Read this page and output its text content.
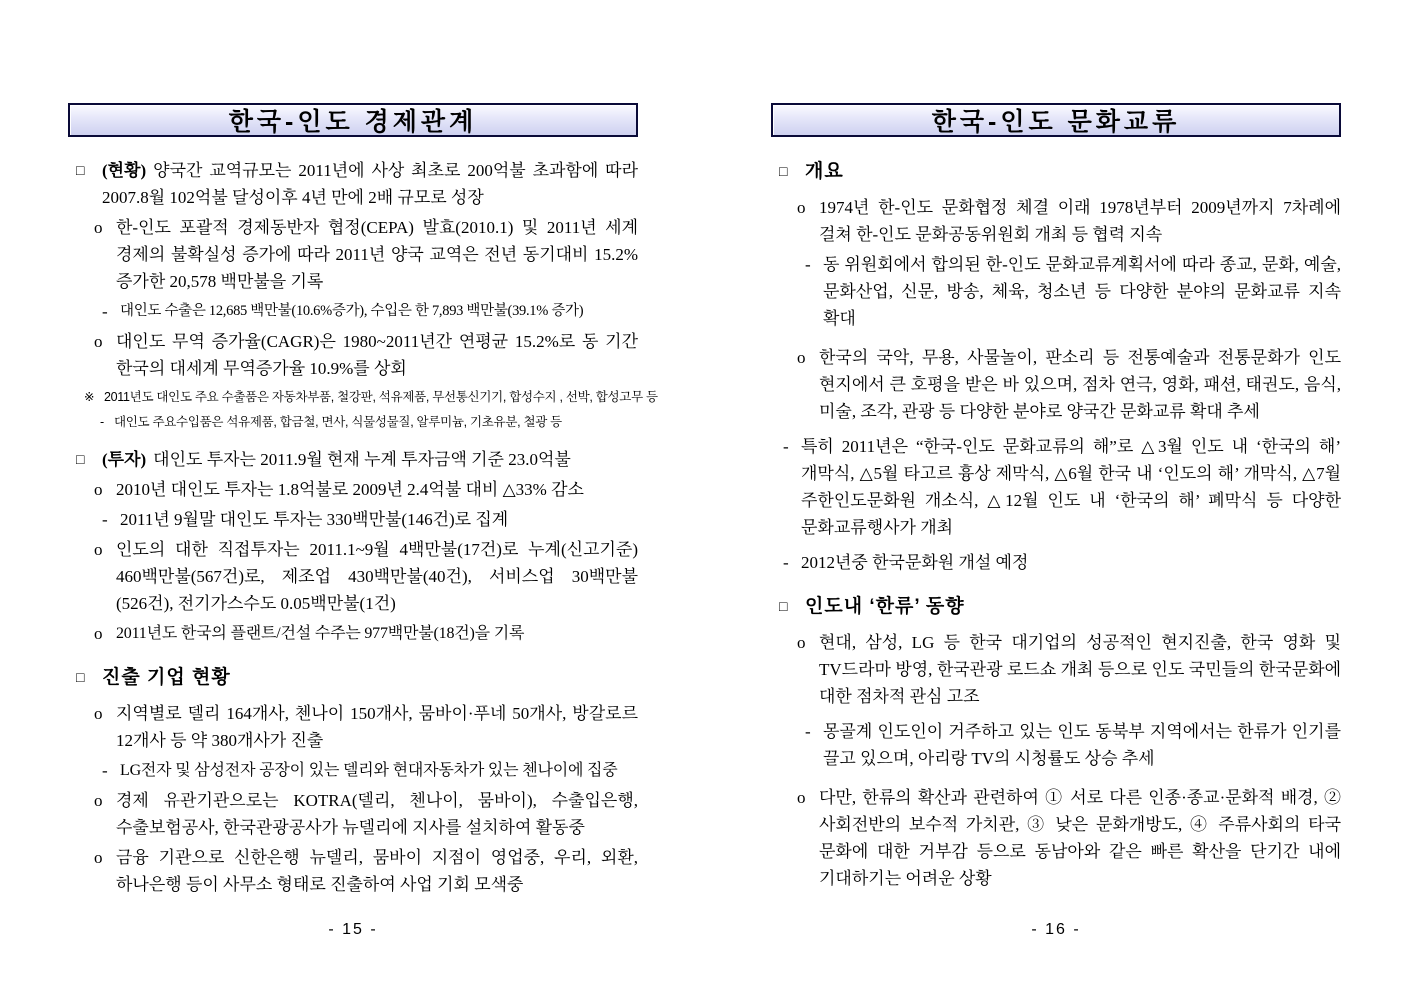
한국-인도 경제관계
□	(현황) 양국간 교역규모는 2011년에 사상 최초로 200억불 초과함에 따라 2007.8월 102억불 달성이후 4년 만에 2배 규모로 성장
o 한-인도 포괄적 경제동반자 협정(CEPA) 발효(2010.1) 및 2011년 세계 경제의 불확실성 증가에 따라 2011년 양국 교역은 전년 동기대비 15.2% 증가한 20,578 백만불을 기록
- 대인도 수출은 12,685 백만불(10.6%증가), 수입은 한 7,893 백만불(39.1% 증가)
o 대인도 무역 증가율(CAGR)은 1980~2011년간 연평균 15.2%로 동 기간 한국의 대세계 무역증가율 10.9%를 상회
※ 2011년도 대인도 주요 수출품은 자동차부품, 철강판, 석유제품, 무선통신기기, 합성수지 , 선박, 합성고무 등
- 대인도 주요수입품은 석유제품, 합금철, 면사, 식물성물질, 알루미늄, 기초유분, 철광 등
□	(투자) 대인도 투자는 2011.9월 현재 누계 투자금액 기준 23.0억불
o 2010년 대인도 투자는 1.8억불로 2009년 2.4억불 대비 △33% 감소
- 2011년 9월말 대인도 투자는 330백만불(146건)로 집계
o 인도의 대한 직접투자는 2011.1~9월 4백만불(17건)로 누계(신고기준) 460백만불(567건)로, 제조업 430백만불(40건), 서비스업 30백만불(526건), 전기가스수도 0.05백만불(1건)
o 2011년도 한국의 플랜트/건설 수주는 977백만불(18건)을 기록
□ 진출 기업 현황
o 지역별로 델리 164개사, 첸나이 150개사, 뭄바이·푸네 50개사, 방갈로르 12개사 등 약 380개사가 진출
- LG전자 및 삼성전자 공장이 있는 델리와 현대자동차가 있는 첸나이에 집중
o 경제 유관기관으로는 KOTRA(델리, 첸나이, 뭄바이), 수출입은행, 수출보험공사, 한국관광공사가 뉴델리에 지사를 설치하여 활동중
o 금융 기관으로 신한은행 뉴델리, 뭄바이 지점이 영업중, 우리, 외환, 하나은행 등이 사무소 형태로 진출하여 사업 기회 모색중
- 15 -
한국-인도 문화교류
□ 개요
o 1974년 한-인도 문화협정 체결 이래 1978년부터 2009년까지 7차례에 걸쳐 한-인도 문화공동위원회 개최 등 협력 지속
- 동 위원회에서 합의된 한-인도 문화교류계획서에 따라 종교, 문화, 예술, 문화산업, 신문, 방송, 체육, 청소년 등 다양한 분야의 문화교류 지속 확대
o 한국의 국악, 무용, 사물놀이, 판소리 등 전통예술과 전통문화가 인도 현지에서 큰 호평을 받은 바 있으며, 점차 연극, 영화, 패션, 태권도, 음식, 미술, 조각, 관광 등 다양한 분야로 양국간 문화교류 확대 추세
- 특히 2011년은 “한국-인도 문화교류의 해”로 △3월 인도 내 ‘한국의 해’ 개막식, △5월 타고르 흉상 제막식, △6월 한국 내 ‘인도의 해’ 개막식, △7월 주한인도문화원 개소식, △12월 인도 내 ‘한국의 해’ 폐막식 등 다양한 문화교류행사가 개최
- 2012년중 한국문화원 개설 예정
□ 인도내 ‘한류’ 동향
o 현대, 삼성, LG 등 한국 대기업의 성공적인 현지진출, 한국 영화 및 TV드라마 방영, 한국관광 로드쇼 개최 등으로 인도 국민들의 한국문화에 대한 점차적 관심 고조
- 몽골계 인도인이 거주하고 있는 인도 동북부 지역에서는 한류가 인기를 끌고 있으며, 아리랑 TV의 시청률도 상승 추세
o 다만, 한류의 확산과 관련하여 ① 서로 다른 인종·종교·문화적 배경, ② 사회전반의 보수적 가치관, ③ 낮은 문화개방도, ④ 주류사회의 타국 문화에 대한 거부감 등으로 동남아와 같은 빠른 확산을 단기간 내에 기대하기는 어려운 상황
- 16 -
